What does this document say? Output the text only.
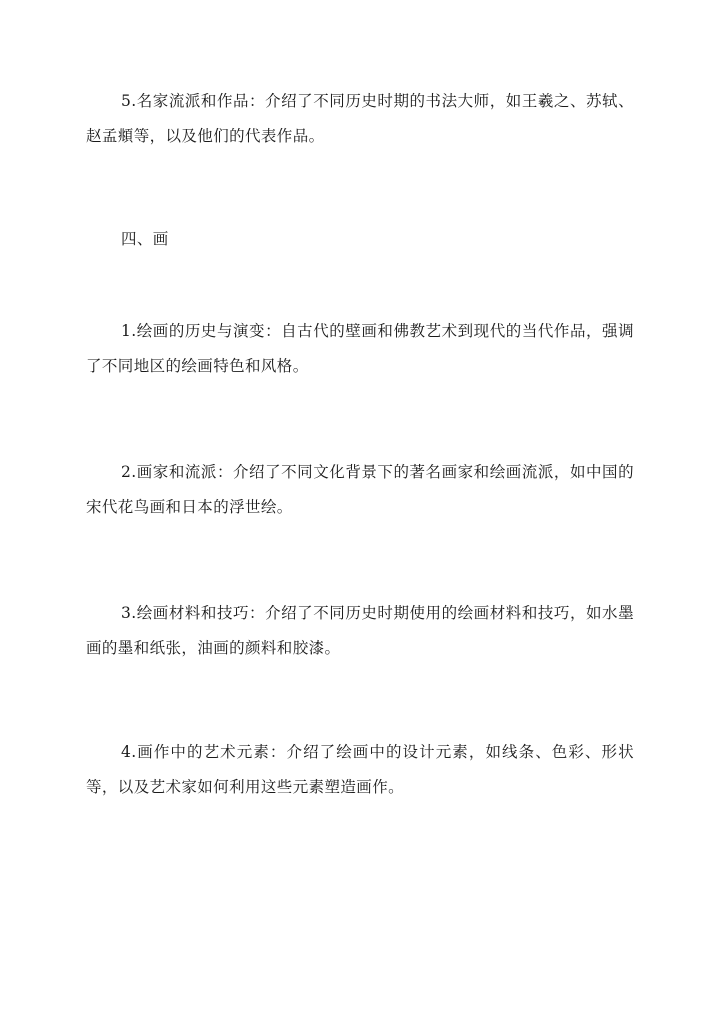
5.名家流派和作品：介绍了不同历史时期的书法大师，如王羲之、苏轼、赵孟頫等，以及他们的代表作品。

四、画

1.绘画的历史与演变：自古代的壁画和佛教艺术到现代的当代作品，强调了不同地区的绘画特色和风格。

2.画家和流派：介绍了不同文化背景下的著名画家和绘画流派，如中国的宋代花鸟画和日本的浮世绘。

3.绘画材料和技巧：介绍了不同历史时期使用的绘画材料和技巧，如水墨画的墨和纸张，油画的颜料和胶漆。

4.画作中的艺术元素：介绍了绘画中的设计元素，如线条、色彩、形状等，以及艺术家如何利用这些元素塑造画作。
